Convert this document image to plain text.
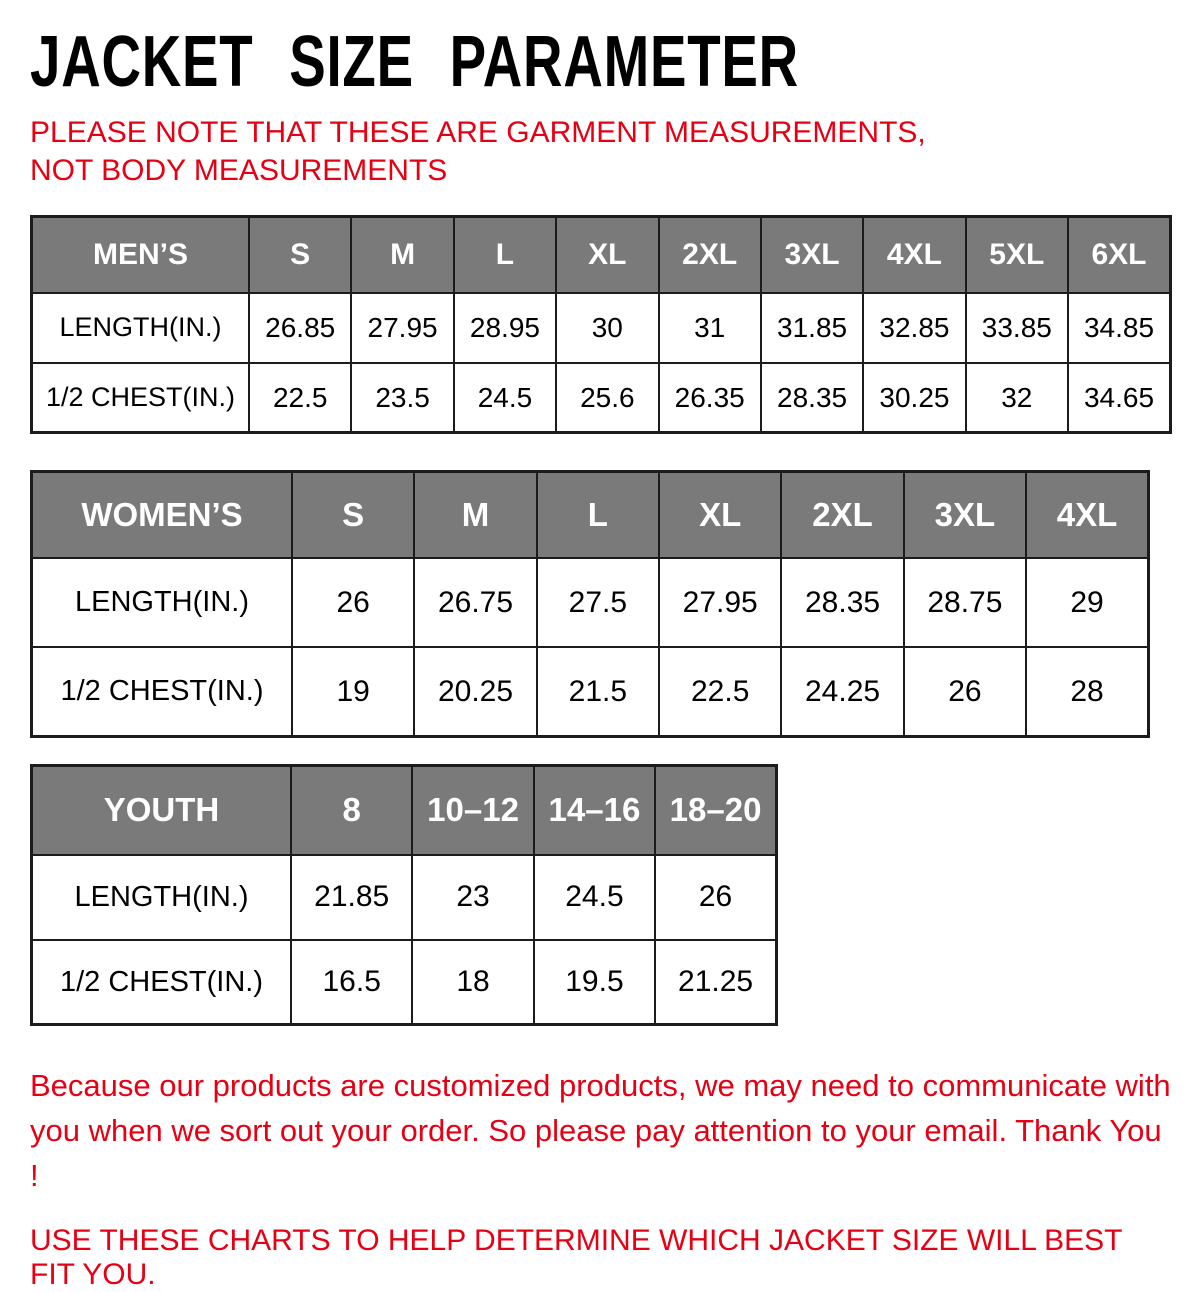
JACKET SIZE PARAMETER
PLEASE NOTE THAT THESE ARE GARMENT MEASUREMENTS, NOT BODY MEASUREMENTS
MEN’S	S	M	L	XL	2XL	3XL	4XL	5XL	6XL
LENGTH(IN.)	26.85	27.95	28.95	30	31	31.85	32.85	33.85	34.85
1/2 CHEST(IN.)	22.5	23.5	24.5	25.6	26.35	28.35	30.25	32	34.65
WOMEN’S	S	M	L	XL	2XL	3XL	4XL
LENGTH(IN.)	26	26.75	27.5	27.95	28.35	28.75	29
1/2 CHEST(IN.)	19	20.25	21.5	22.5	24.25	26	28
YOUTH	8	10–12	14–16	18–20
LENGTH(IN.)	21.85	23	24.5	26
1/2 CHEST(IN.)	16.5	18	19.5	21.25
Because our products are customized products, we may need to communicate with you when we sort out your order. So please pay attention to your email. Thank You !
USE THESE CHARTS TO HELP DETERMINE WHICH JACKET SIZE WILL BEST FIT YOU.
